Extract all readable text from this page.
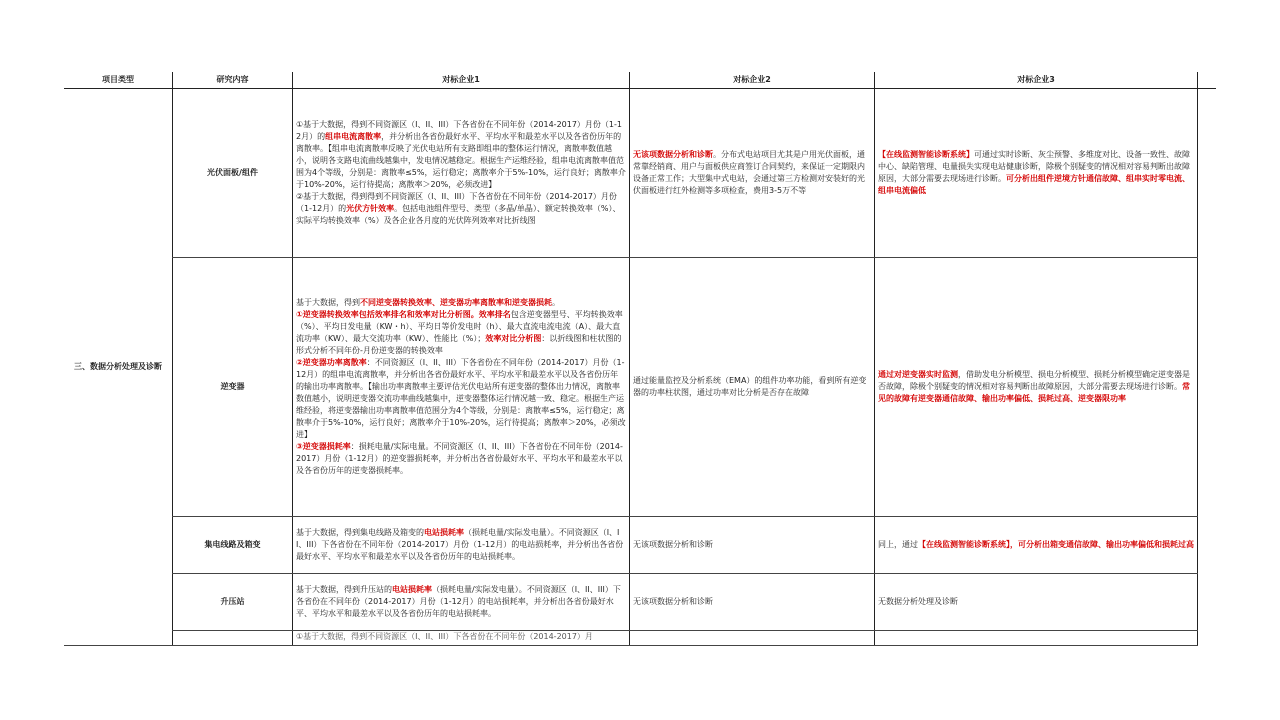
项目类型	研究内容	对标企业1	对标企业2	对标企业3
三、数据分析处理及诊断	光伏面板/组件	①基于大数据，得到不同资源区（I、II、III）下各省份在不同年份（2014-2017）月份（1-12月）的组串电流离散率，并分析出各省份最好水平、平均水平和最差水平以及各省份历年的离散率。【组串电流离散率反映了光伏电站所有支路即组串的整体运行情况，离散率数值越小，说明各支路电流曲线越集中，发电情况越稳定。根据生产运维经验，组串电流离散率值范围为4个等级，分别是：离散率≤5%，运行稳定；离散率介于5%-10%，运行良好；离散率介于10%-20%，运行待提高；离散率＞20%，必须改进】
②基于大数据，得到得到不同资源区（I、II、III）下各省份在不同年份（2014-2017）月份（1-12月）的光伏方针效率。包括电池组件型号、类型（多晶/单晶）、额定转换效率（%）、实际平均转换效率（%）及各企业各月度的光伏阵列效率对比折线图	无该项数据分析和诊断。分布式电站项目尤其是户用光伏面板，通常靠经销商、用户与面板供应商签订合同契约，来保证一定期限内设备正常工作；大型集中式电站，会通过第三方检测对安装好的光伏面板进行红外检测等多项检查，费用3-5万不等	【在线监测智能诊断系统】可通过实时诊断、灰尘预警、多维度对比、设备一致性、故障中心、缺陷管理、电量损失实现电站健康诊断，除极个别疑变的情况相对容易判断出故障原因，大部分需要去现场进行诊断。可分析出组件逆境方针通信故障、组串实时零电流、组串电流偏低

	逆变器	基于大数据，得到不同逆变器转换效率、逆变器功率离散率和逆变器损耗。
①逆变器转换效率包括效率排名和效率对比分析图。效率排名包含逆变器型号、平均转换效率（%）、平均日发电量（KW・h）、平均日等价发电时（h）、最大直流电流电流（A）、最大直流功率（KW）、最大交流功率（KW）、性能比（%）；效率对比分析图：以折线图和柱状图的形式分析不同年份-月份逆变器的转换效率
②逆变器功率离散率：不同资源区（I、II、III）下各省份在不同年份（2014-2017）月份（1-12月）的组串电流离散率，并分析出各省份最好水平、平均水平和最差水平以及各省份历年的输出功率离散率。【输出功率离散率主要评估光伏电站所有逆变器的整体出力情况，离散率数值越小，说明逆变器交流功率曲线越集中，逆变器整体运行情况越一致、稳定。根据生产运维经验，将逆变器输出功率离散率值范围分为4个等级，分别是：离散率≤5%，运行稳定；离散率介于5%-10%，运行良好；离散率介于10%-20%，运行待提高；离散率＞20%，必须改进】
③逆变器损耗率：损耗电量/实际电量。不同资源区（I、II、III）下各省份在不同年份（2014-2017）月份（1-12月）的逆变器损耗率，并分析出各省份最好水平、平均水平和最差水平以及各省份历年的逆变器损耗率。	通过能量监控及分析系统（EMA）的组件功率功能，看到所有逆变器的功率柱状图，通过功率对比分析是否存在故障	通过对逆变器实时监测，借助发电分析模型、损电分析模型、损耗分析模型确定逆变器是否故障，除极个别疑变的情况相对容易判断出故障原因，大部分需要去现场进行诊断。常见的故障有逆变器通信故障、输出功率偏低、损耗过高、逆变器限功率

	集电线路及箱变	基于大数据，得到集电线路及箱变的电站损耗率（损耗电量/实际发电量）。不同资源区（I、II、III）下各省份在不同年份（2014-2017）月份（1-12月）的电站损耗率，并分析出各省份最好水平、平均水平和最差水平以及各省份历年的电站损耗率。	无该项数据分析和诊断	同上，通过【在线监测智能诊断系统】，可分析出箱变通信故障、输出功率偏低和损耗过高

	升压站	基于大数据，得到升压站的电站损耗率（损耗电量/实际发电量）。不同资源区（I、II、III）下各省份在不同年份（2014-2017）月份（1-12月）的电站损耗率，并分析出各省份最好水平、平均水平和最差水平以及各省份历年的电站损耗率。	无该项数据分析和诊断	无数据分析处理及诊断

		①基于大数据，得到不同资源区（I、II、III）下各省份在不同年份（2014-2017）月		
